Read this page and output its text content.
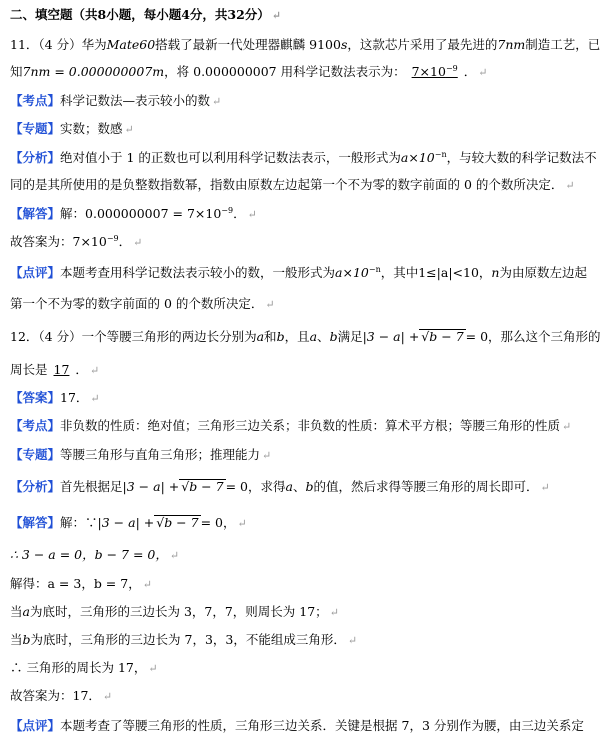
二、填空题（共8小题，每小题4分，共32分） ↵
11．（4 分）华为Mate60搭载了最新一代处理器麒麟 9100s，这款芯片采用了最先进的7nm制造工艺，已
知7nm = 0.000000007m，将 0.000000007 用科学记数法表示为： $7\times 10^{-9}$ ． ↵
【考点】科学记数法—表示较小的数 ↵
【专题】实数；数感 ↵
【分析】绝对值小于 1 的正数也可以利用科学记数法表示，一般形式为$a\times 10^{-n}$，与较大数的科学记数法不
同的是其所使用的是负整数指数幂，指数由原数左边起第一个不为零的数字前面的 0 的个数所决定． ↵
【解答】解：$0.000000007 = 7\times 10^{-9}$． ↵
故答案为：$7\times 10^{-9}$． ↵
【点评】本题考查用科学记数法表示较小的数，一般形式为$a\times 10^{-n}$，其中1≤|a|<10，n为由原数左边起
第一个不为零的数字前面的 0 的个数所决定． ↵
12．（4 分）一个等腰三角形的两边长分别为a和b，且a、b满足|3 − a| + √b − 7 = 0，那么这个三角形的
周长是 17 ． ↵
【答案】17． ↵
【考点】非负数的性质：绝对值；三角形三边关系；非负数的性质：算术平方根；等腰三角形的性质 ↵
【专题】等腰三角形与直角三角形；推理能力 ↵
【分析】首先根据足|3 − a| + √b − 7 = 0，求得a、b的值，然后求得等腰三角形的周长即可． ↵
【解答】解：∵|3 − a| + √b − 7 = 0， ↵
∴ 3 − a = 0，b − 7 = 0， ↵
解得：a = 3，b = 7， ↵
当a为底时，三角形的三边长为 3，7，7，则周长为 17； ↵
当b为底时，三角形的三边长为 7，3，3，不能组成三角形． ↵
∴ 三角形的周长为 17， ↵
故答案为：17． ↵
【点评】本题考查了等腰三角形的性质，三角形三边关系．关键是根据 7，3 分别作为腰，由三边关系定
